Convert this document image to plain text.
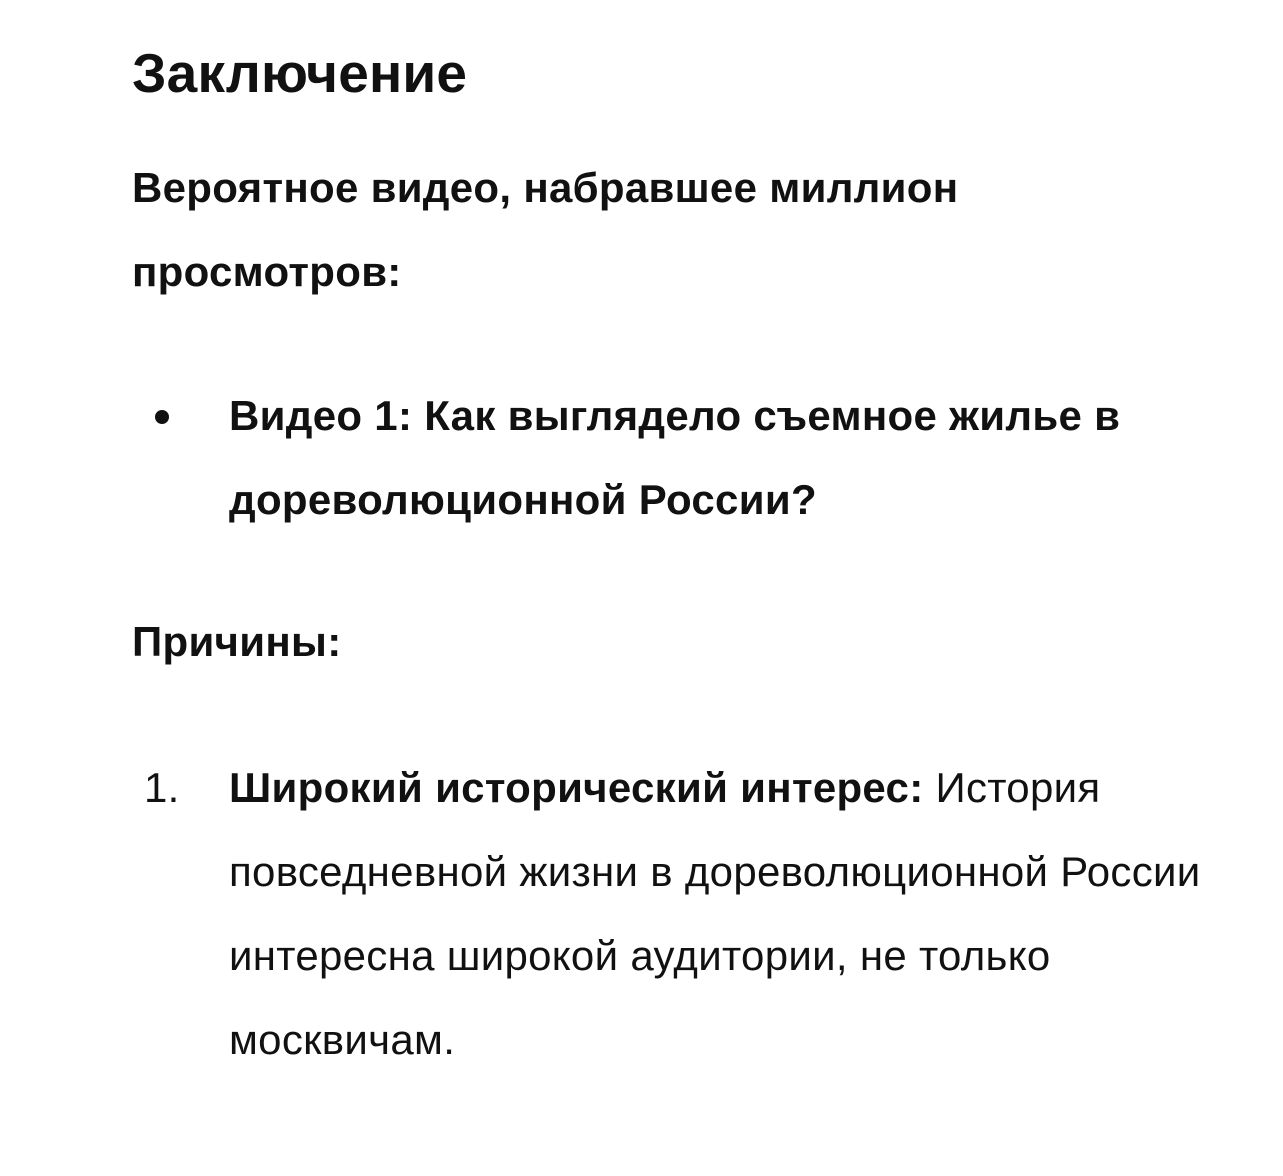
Заключение

Вероятное видео, набравшее миллион просмотров:

Видео 1: Как выглядело съемное жилье в дореволюционной России?
Причины:
1. Широкий исторический интерес: История повседневной жизни в дореволюционной России интересна широкой аудитории, не только москвичам.
